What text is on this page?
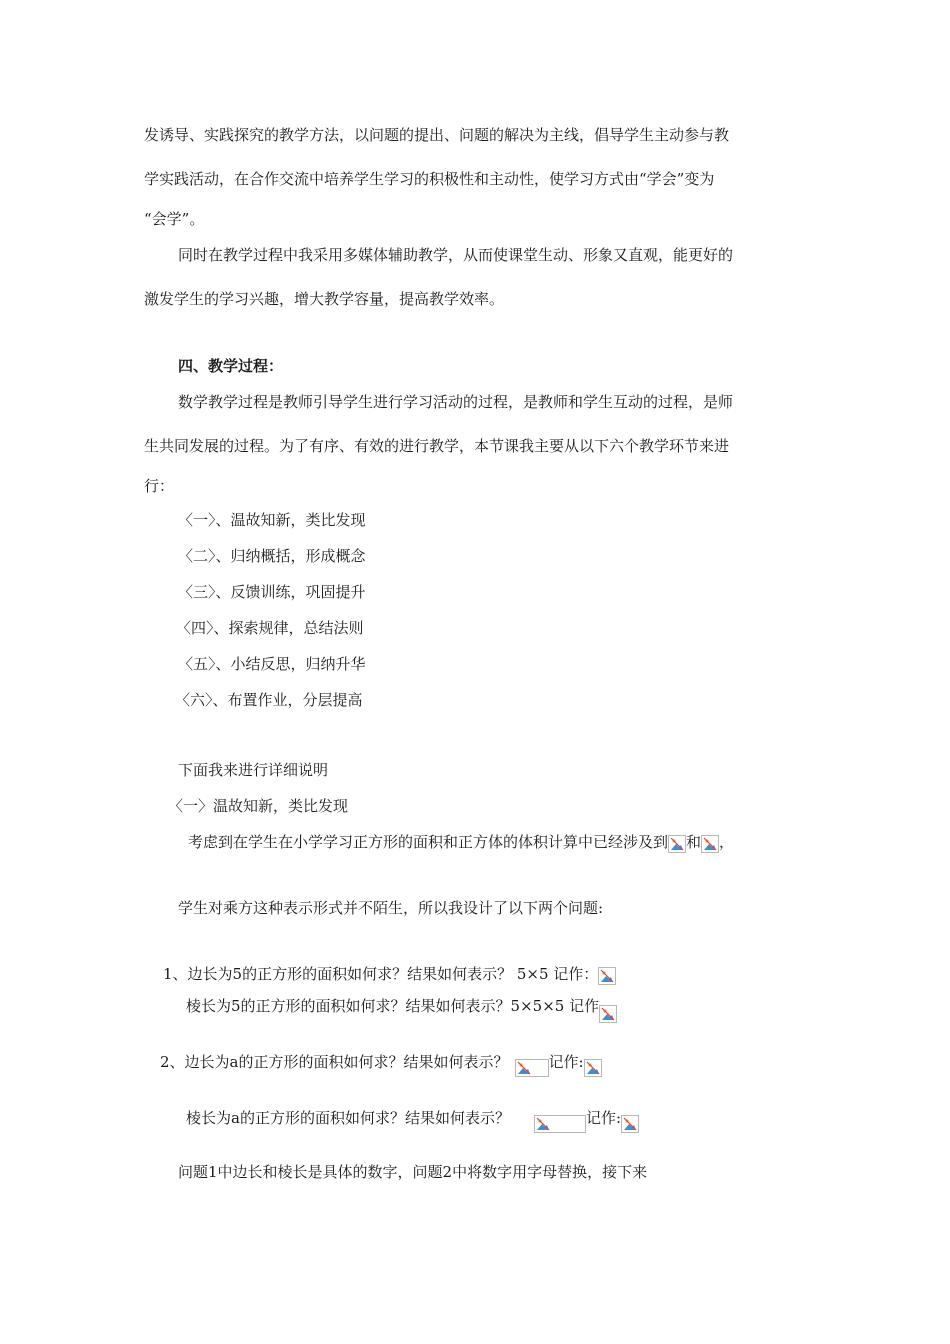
发诱导、实践探究的教学方法，以问题的提出、问题的解决为主线，倡导学生主动参与教
学实践活动，在合作交流中培养学生学习的积极性和主动性，使学习方式由“学会”变为
“会学”。
同时在教学过程中我采用多媒体辅助教学，从而使课堂生动、形象又直观，能更好的
激发学生的学习兴趣，增大教学容量，提高教学效率。
四、教学过程：
数学教学过程是教师引导学生进行学习活动的过程，是教师和学生互动的过程，是师
生共同发展的过程。为了有序、有效的进行教学，本节课我主要从以下六个教学环节来进
行：
〈一〉、温故知新，类比发现
〈二〉、归纳概括，形成概念
〈三〉、反馈训练，巩固提升
〈四〉、探索规律，总结法则
〈五〉、小结反思，归纳升华
〈六〉、布置作业，分层提高
下面我来进行详细说明
〈一〉温故知新，类比发现
考虑到在学生在小学学习正方形的面积和正方体的体积计算中已经涉及到 和 ，
学生对乘方这种表示形式并不陌生，所以我设计了以下两个问题:
1、边长为5的正方形的面积如何求？结果如何表示？ 5×5 记作：
棱长为5的正方形的面积如何求？结果如何表示？5×5×5 记作
2、边长为a的正方形的面积如何求？结果如何表示？	记作:
棱长为a的正方形的面积如何求？结果如何表示？	记作:
问题1中边长和棱长是具体的数字，问题2中将数字用字母替换，接下来
